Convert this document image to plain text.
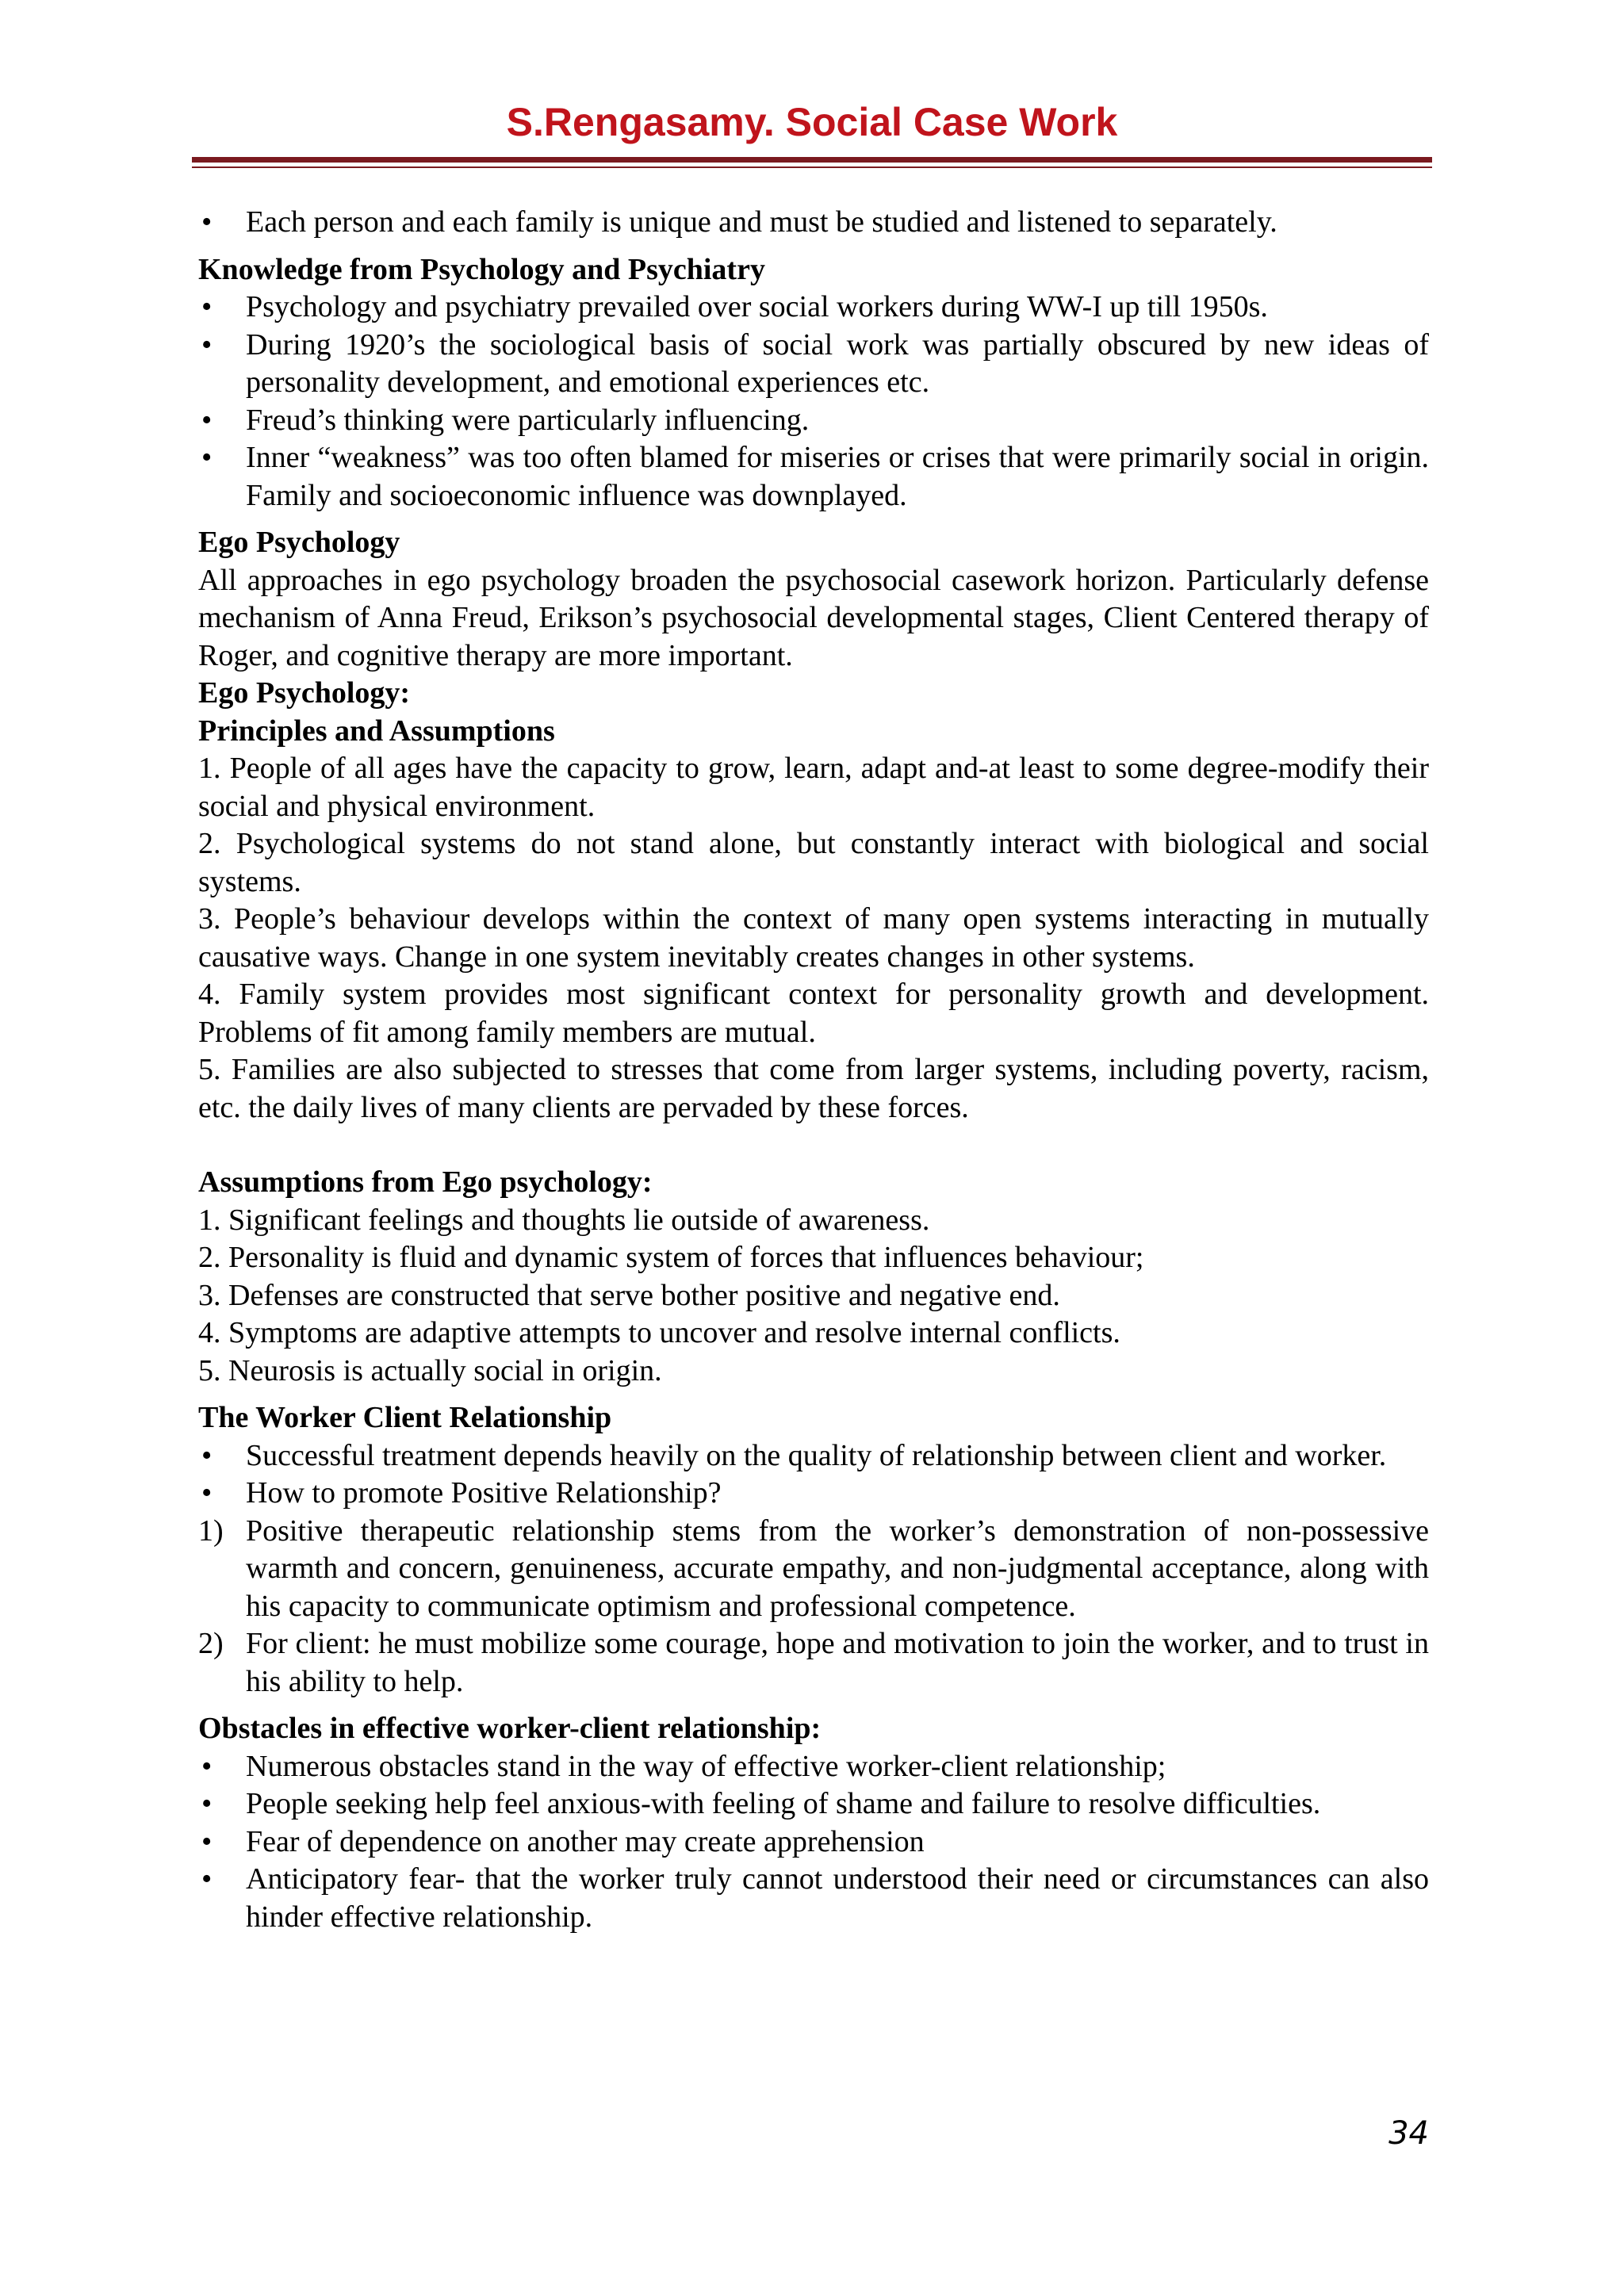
S.Rengasamy. Social Case Work
• Each person and each family is unique and must be studied and listened to separately.

Knowledge from Psychology and Psychiatry

• Psychology and psychiatry prevailed over social workers during WW-I up till 1950s.
• During 1920’s the sociological basis of social work was partially obscured by new ideas of personality development, and emotional experiences etc.
• Freud’s thinking were particularly influencing.
• Inner “weakness” was too often blamed for miseries or crises that were primarily social in origin. Family and socioeconomic influence was downplayed.

Ego Psychology

All approaches in ego psychology broaden the psychosocial casework horizon. Particularly defense mechanism of Anna Freud, Erikson’s psychosocial developmental stages, Client Centered therapy of Roger, and cognitive therapy are more important.

Ego Psychology:

Principles and Assumptions

1. People of all ages have the capacity to grow, learn, adapt and-at least to some degree-modify their social and physical environment.

2. Psychological systems do not stand alone, but constantly interact with biological and social systems.

3. People’s behaviour develops within the context of many open systems interacting in mutually causative ways. Change in one system inevitably creates changes in other systems.

4. Family system provides most significant context for personality growth and development. Problems of fit among family members are mutual.

5. Families are also subjected to stresses that come from larger systems, including poverty, racism, etc. the daily lives of many clients are pervaded by these forces.

Assumptions from Ego psychology:

1. Significant feelings and thoughts lie outside of awareness.

2. Personality is fluid and dynamic system of forces that influences behaviour;

3. Defenses are constructed that serve bother positive and negative end.

4. Symptoms are adaptive attempts to uncover and resolve internal conflicts.

5. Neurosis is actually social in origin.

The Worker Client Relationship

• Successful treatment depends heavily on the quality of relationship between client and worker.
• How to promote Positive Relationship?
1) Positive therapeutic relationship stems from the worker’s demonstration of non-possessive warmth and concern, genuineness, accurate empathy, and non-judgmental acceptance, along with his capacity to communicate optimism and professional competence.
2) For client: he must mobilize some courage, hope and motivation to join the worker, and to trust in his ability to help.

Obstacles in effective worker-client relationship:

• Numerous obstacles stand in the way of effective worker-client relationship;
• People seeking help feel anxious-with feeling of shame and failure to resolve difficulties.
• Fear of dependence on another may create apprehension
• Anticipatory fear- that the worker truly cannot understood their need or circumstances can also hinder effective relationship.
34
